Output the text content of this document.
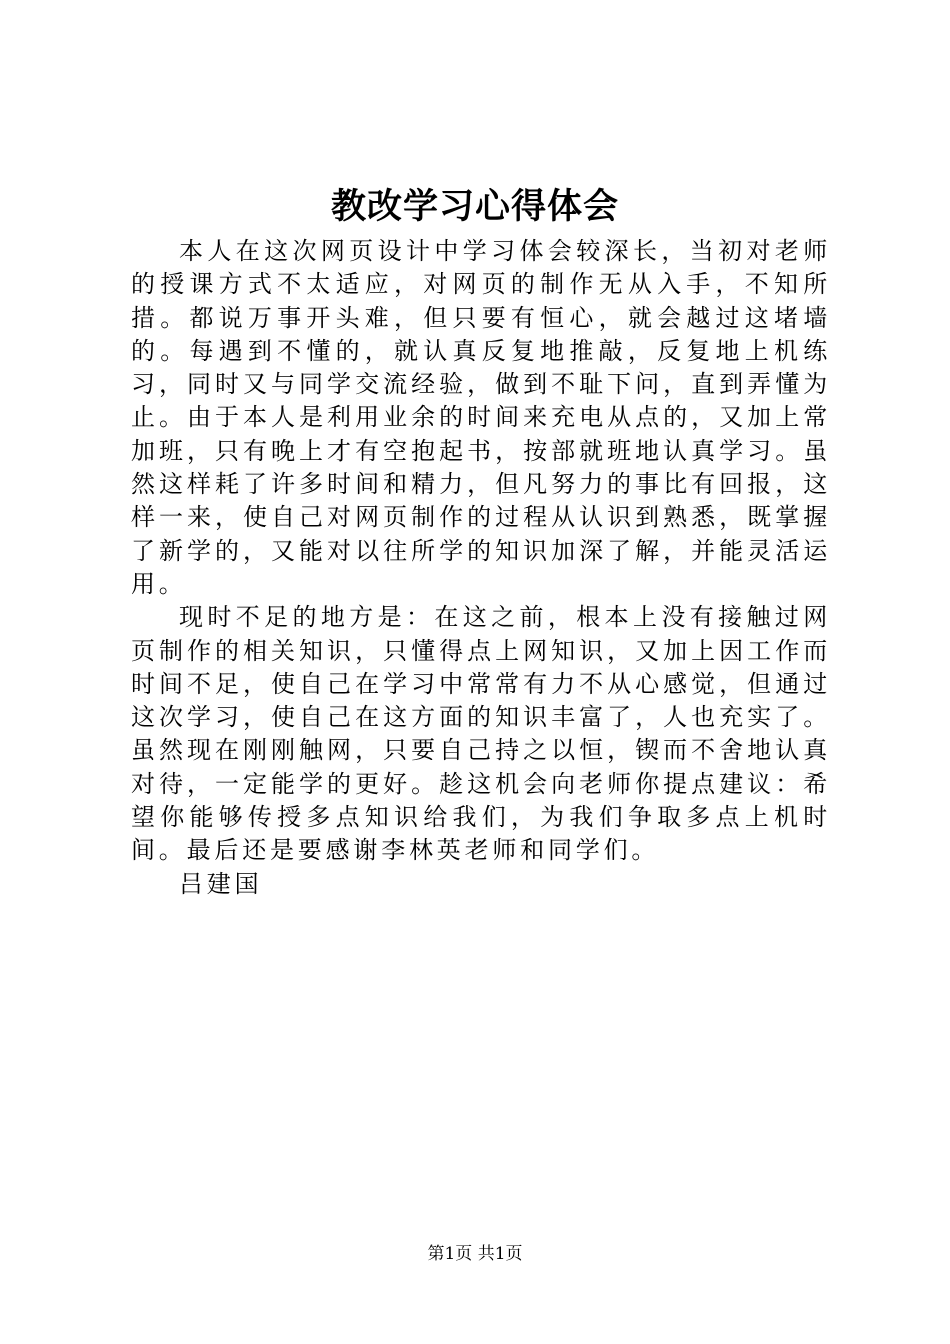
教改学习心得体会

本人在这次网页设计中学习体会较深长，当初对老师的授课方式不太适应，对网页的制作无从入手，不知所措。都说万事开头难，但只要有恒心，就会越过这堵墙的。每遇到不懂的，就认真反复地推敲，反复地上机练习，同时又与同学交流经验，做到不耻下问，直到弄懂为止。由于本人是利用业余的时间来充电从点的，又加上常加班，只有晚上才有空抱起书，按部就班地认真学习。虽然这样耗了许多时间和精力，但凡努力的事比有回报，这样一来，使自己对网页制作的过程从认识到熟悉，既掌握了新学的，又能对以往所学的知识加深了解，并能灵活运用。

现时不足的地方是：在这之前，根本上没有接触过网页制作的相关知识，只懂得点上网知识，又加上因工作而时间不足，使自己在学习中常常有力不从心感觉，但通过这次学习，使自己在这方面的知识丰富了，人也充实了。虽然现在刚刚触网，只要自己持之以恒，锲而不舍地认真对待，一定能学的更好。趁这机会向老师你提点建议：希望你能够传授多点知识给我们，为我们争取多点上机时间。最后还是要感谢李林英老师和同学们。

吕建国

第1页 共1页
